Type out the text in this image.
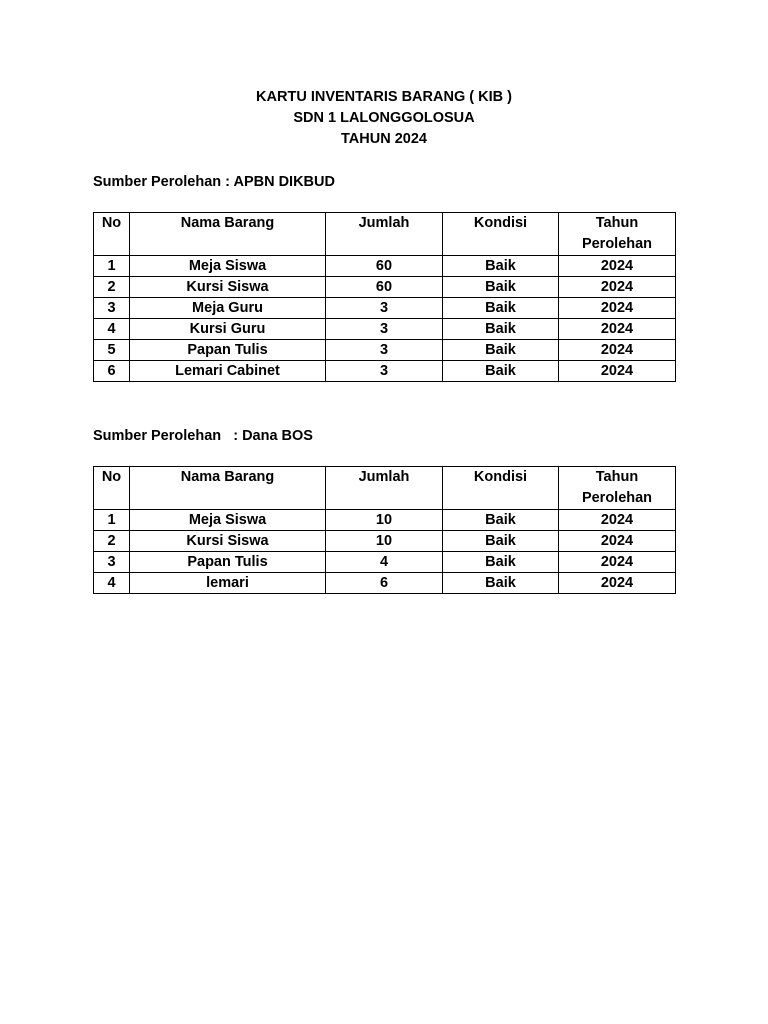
KARTU INVENTARIS BARANG ( KIB )
SDN 1 LALONGGOLOSUA
TAHUN 2024
Sumber Perolehan : APBN DIKBUD
No	Nama Barang	Jumlah	Kondisi	Tahun
Perolehan
1	Meja Siswa	60	Baik	2024
2	Kursi Siswa	60	Baik	2024
3	Meja Guru	3	Baik	2024
4	Kursi Guru	3	Baik	2024
5	Papan Tulis	3	Baik	2024
6	Lemari Cabinet	3	Baik	2024
Sumber Perolehan   : Dana BOS
No	Nama Barang	Jumlah	Kondisi	Tahun
Perolehan
1	Meja Siswa	10	Baik	2024
2	Kursi Siswa	10	Baik	2024
3	Papan Tulis	4	Baik	2024
4	lemari	6	Baik	2024
